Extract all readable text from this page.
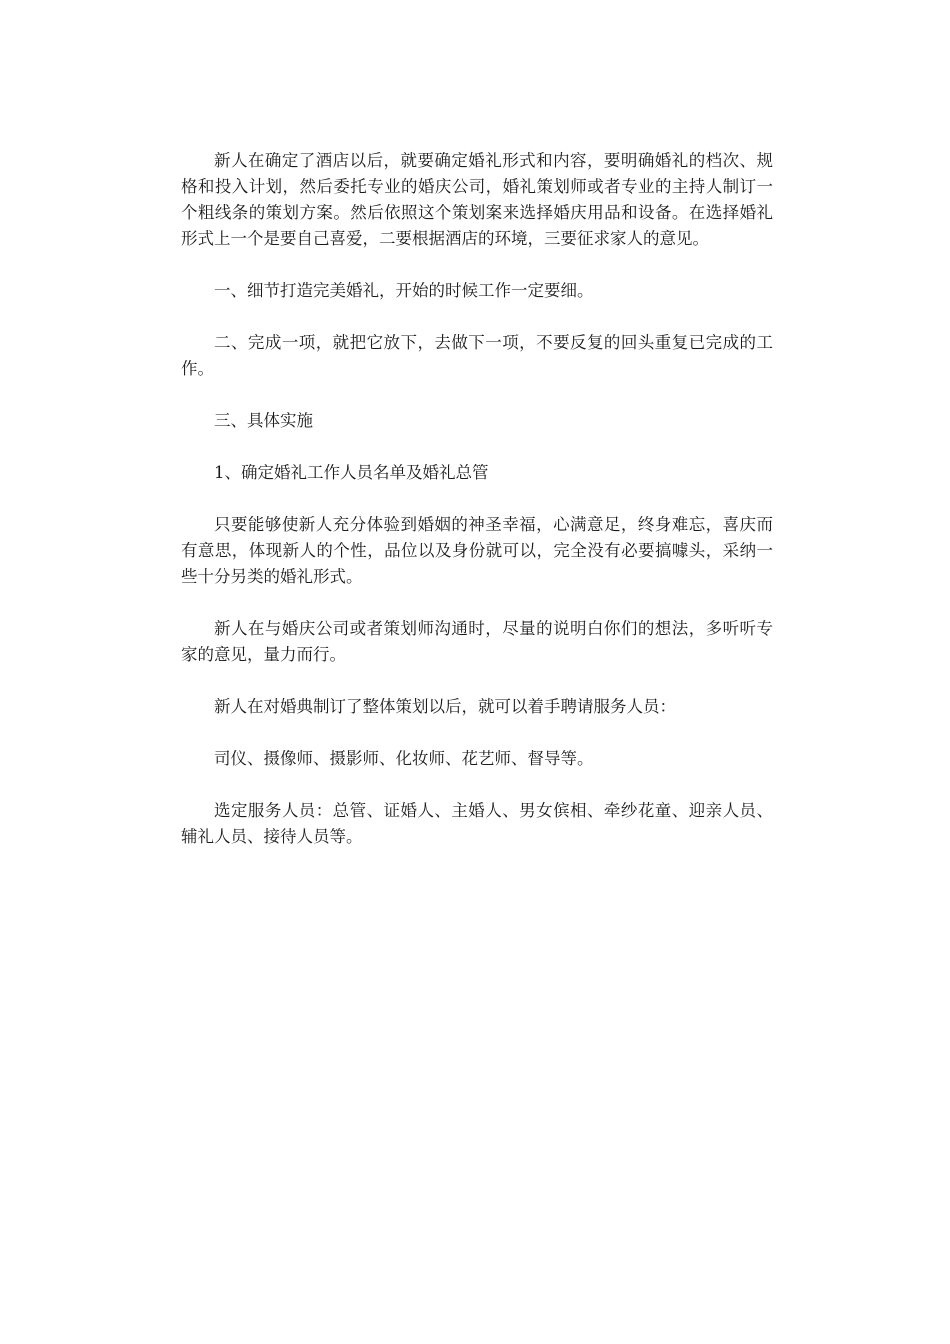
新人在确定了酒店以后，就要确定婚礼形式和内容，要明确婚礼的档次、规格和投入计划，然后委托专业的婚庆公司，婚礼策划师或者专业的主持人制订一个粗线条的策划方案。然后依照这个策划案来选择婚庆用品和设备。在选择婚礼形式上一个是要自己喜爱，二要根据酒店的环境，三要征求家人的意见。

一、细节打造完美婚礼，开始的时候工作一定要细。

二、完成一项，就把它放下，去做下一项，不要反复的回头重复已完成的工作。

三、具体实施

1、确定婚礼工作人员名单及婚礼总管

只要能够使新人充分体验到婚姻的神圣幸福，心满意足，终身难忘，喜庆而有意思，体现新人的个性，品位以及身份就可以，完全没有必要搞噱头，采纳一些十分另类的婚礼形式。

新人在与婚庆公司或者策划师沟通时，尽量的说明白你们的想法，多听听专家的意见，量力而行。

新人在对婚典制订了整体策划以后，就可以着手聘请服务人员：

司仪、摄像师、摄影师、化妆师、花艺师、督导等。

选定服务人员：总管、证婚人、主婚人、男女傧相、牵纱花童、迎亲人员、辅礼人员、接待人员等。
